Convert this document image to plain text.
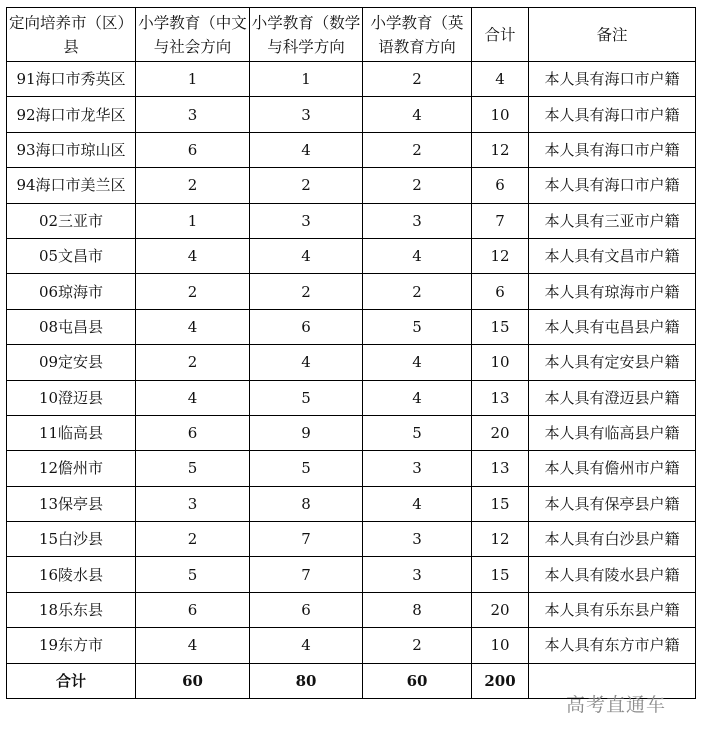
定向培养市（区）县	小学教育（中文与社会方向	小学教育（数学与科学方向	小学教育（英语教育方向	合计	备注
91海口市秀英区	1	1	2	4	本人具有海口市户籍
92海口市龙华区	3	3	4	10	本人具有海口市户籍
93海口市琼山区	6	4	2	12	本人具有海口市户籍
94海口市美兰区	2	2	2	6	本人具有海口市户籍
02三亚市	1	3	3	7	本人具有三亚市户籍
05文昌市	4	4	4	12	本人具有文昌市户籍
06琼海市	2	2	2	6	本人具有琼海市户籍
08屯昌县	4	6	5	15	本人具有屯昌县户籍
09定安县	2	4	4	10	本人具有定安县户籍
10澄迈县	4	5	4	13	本人具有澄迈县户籍
11临高县	6	9	5	20	本人具有临高县户籍
12儋州市	5	5	3	13	本人具有儋州市户籍
13保亭县	3	8	4	15	本人具有保亭县户籍
15白沙县	2	7	3	12	本人具有白沙县户籍
16陵水县	5	7	3	15	本人具有陵水县户籍
18乐东县	6	6	8	20	本人具有乐东县户籍
19东方市	4	4	2	10	本人具有东方市户籍
合计	60	80	60	200	
高考直通车
